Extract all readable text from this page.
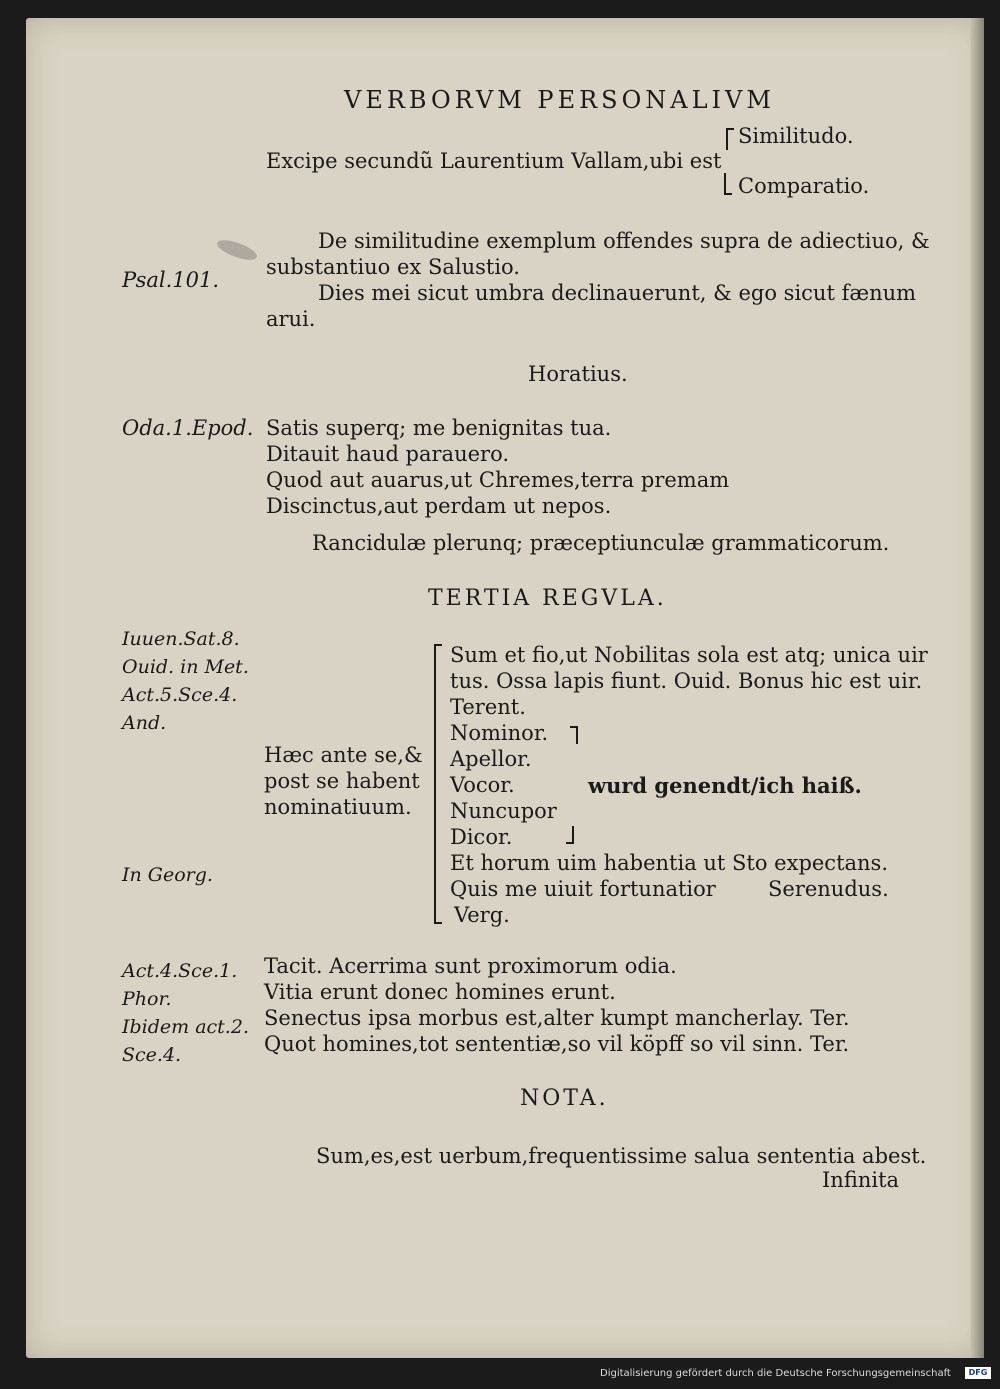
VERBORVM PERSONALIVM
Excipe secundũ Laurentium Vallam,ubi est
Similitudo.
Comparatio.
Psal.101.
De similitudine exemplum offendes supra de adiectiuo, &
substantiuo ex Salustio.
Dies mei sicut umbra declinauerunt, & ego sicut fænum
arui.
Horatius.
Oda.1.Epod. Satis superq; me benignitas tua.
Ditauit haud parauero.
Quod aut auarus,ut Chremes,terra premam
Discinctus,aut perdam ut nepos.
Rancidulæ plerunq; præceptiunculæ grammaticorum.
TERTIA REGVLA.
Iuuen.Sat.8.
Ouid. in Met.
Act.5.Sce.4.
And.
In Georg.
Hæc ante se,&
post se habent
nominatiuum.
Sum et fio,ut Nobilitas sola est atq; unica uir
tus. Ossa lapis fiunt. Ouid. Bonus hic est uir.
Terent.
Nominor.
Apellor.
Vocor.
Nuncupor
Dicor.
Et horum uim habentia ut Sto expectans.
Quis me uiuit fortunatior
Verg.
wurd genendt/ich haiß.
Serenudus.
Act.4.Sce.1.
Phor.
Ibidem act.2.
Sce.4.
Tacit. Acerrima sunt proximorum odia.
Vitia erunt donec homines erunt.
Senectus ipsa morbus est,alter kumpt mancherlay. Ter.
Quot homines,tot sententiæ,so vil köpff so vil sinn. Ter.
NOTA.
Sum,es,est uerbum,frequentissime salua sententia abest.
Infinita
Digitalisierung gefördert durch die Deutsche Forschungsgemeinschaft	DFG
